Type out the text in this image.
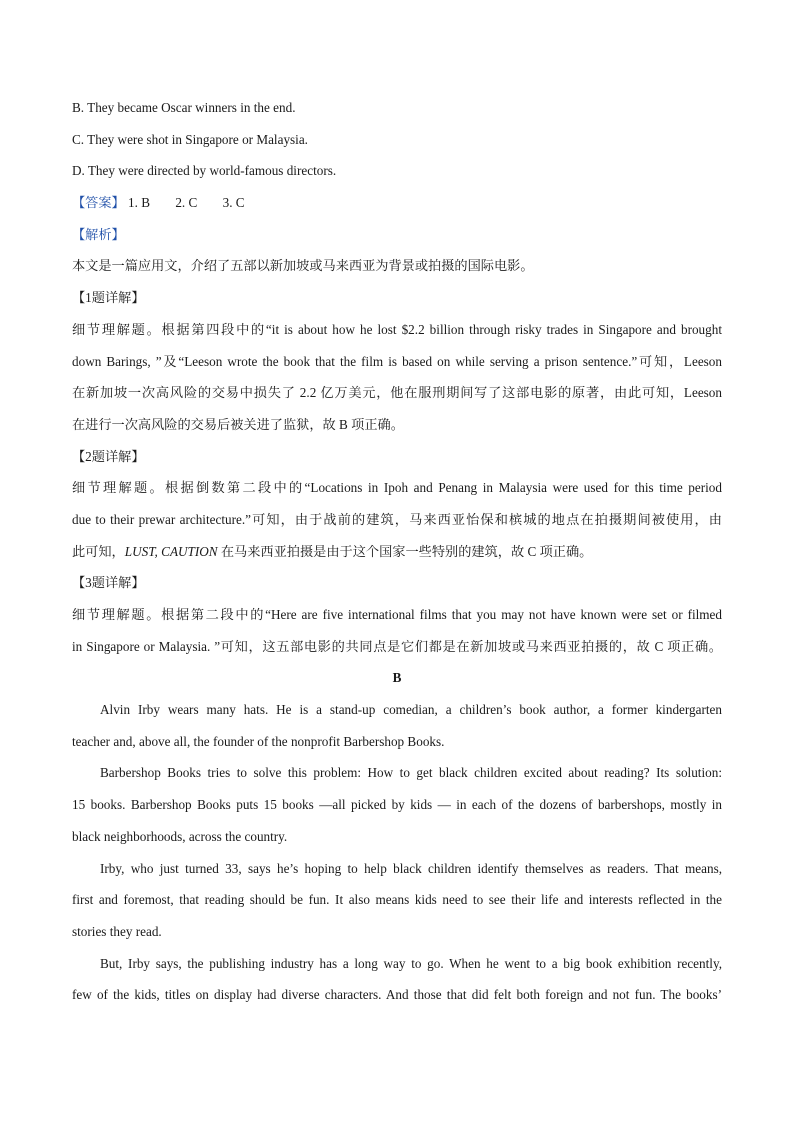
B. They became Oscar winners in the end.
C. They were shot in Singapore or Malaysia.
D. They were directed by world-famous directors.
【答案】 1. B 2. C 3. C
【解析】
本文是一篇应用文，介绍了五部以新加坡或马来西亚为背景或拍摄的国际电影。
【1题详解】
细节理解题。根据第四段中的“it is about how he lost $2.2 billion through risky trades in Singapore and brought
down Barings, ”及“Leeson wrote the book that the film is based on while serving a prison sentence.”可知，Leeson
在新加坡一次高风险的交易中损失了 2.2 亿万美元，他在服刑期间写了这部电影的原著，由此可知，Leeson
在进行一次高风险的交易后被关进了监狱，故 B 项正确。
【2题详解】
细节理解题。根据倒数第二段中的“Locations in Ipoh and Penang in Malaysia were used for this time period
due to their prewar architecture.”可知，由于战前的建筑，马来西亚怡保和槟城的地点在拍摄期间被使用，由
此可知，LUST, CAUTION 在马来西亚拍摄是由于这个国家一些特别的建筑，故 C 项正确。
【3题详解】
细节理解题。根据第二段中的“Here are five international films that you may not have known were set or filmed
in Singapore or Malaysia. ”可知，这五部电影的共同点是它们都是在新加坡或马来西亚拍摄的，故 C 项正确。
B
Alvin Irby wears many hats. He is a stand-up comedian, a children’s book author, a former kindergarten
teacher and, above all, the founder of the nonprofit Barbershop Books.
Barbershop Books tries to solve this problem: How to get black children excited about reading? Its solution:
15 books. Barbershop Books puts 15 books —all picked by kids — in each of the dozens of barbershops, mostly in
black neighborhoods, across the country.
Irby, who just turned 33, says he’s hoping to help black children identify themselves as readers. That means,
first and foremost, that reading should be fun. It also means kids need to see their life and interests reflected in the
stories they read.
But, Irby says, the publishing industry has a long way to go. When he went to a big book exhibition recently,
few of the kids, titles on display had diverse characters. And those that did felt both foreign and not fun. The books’
